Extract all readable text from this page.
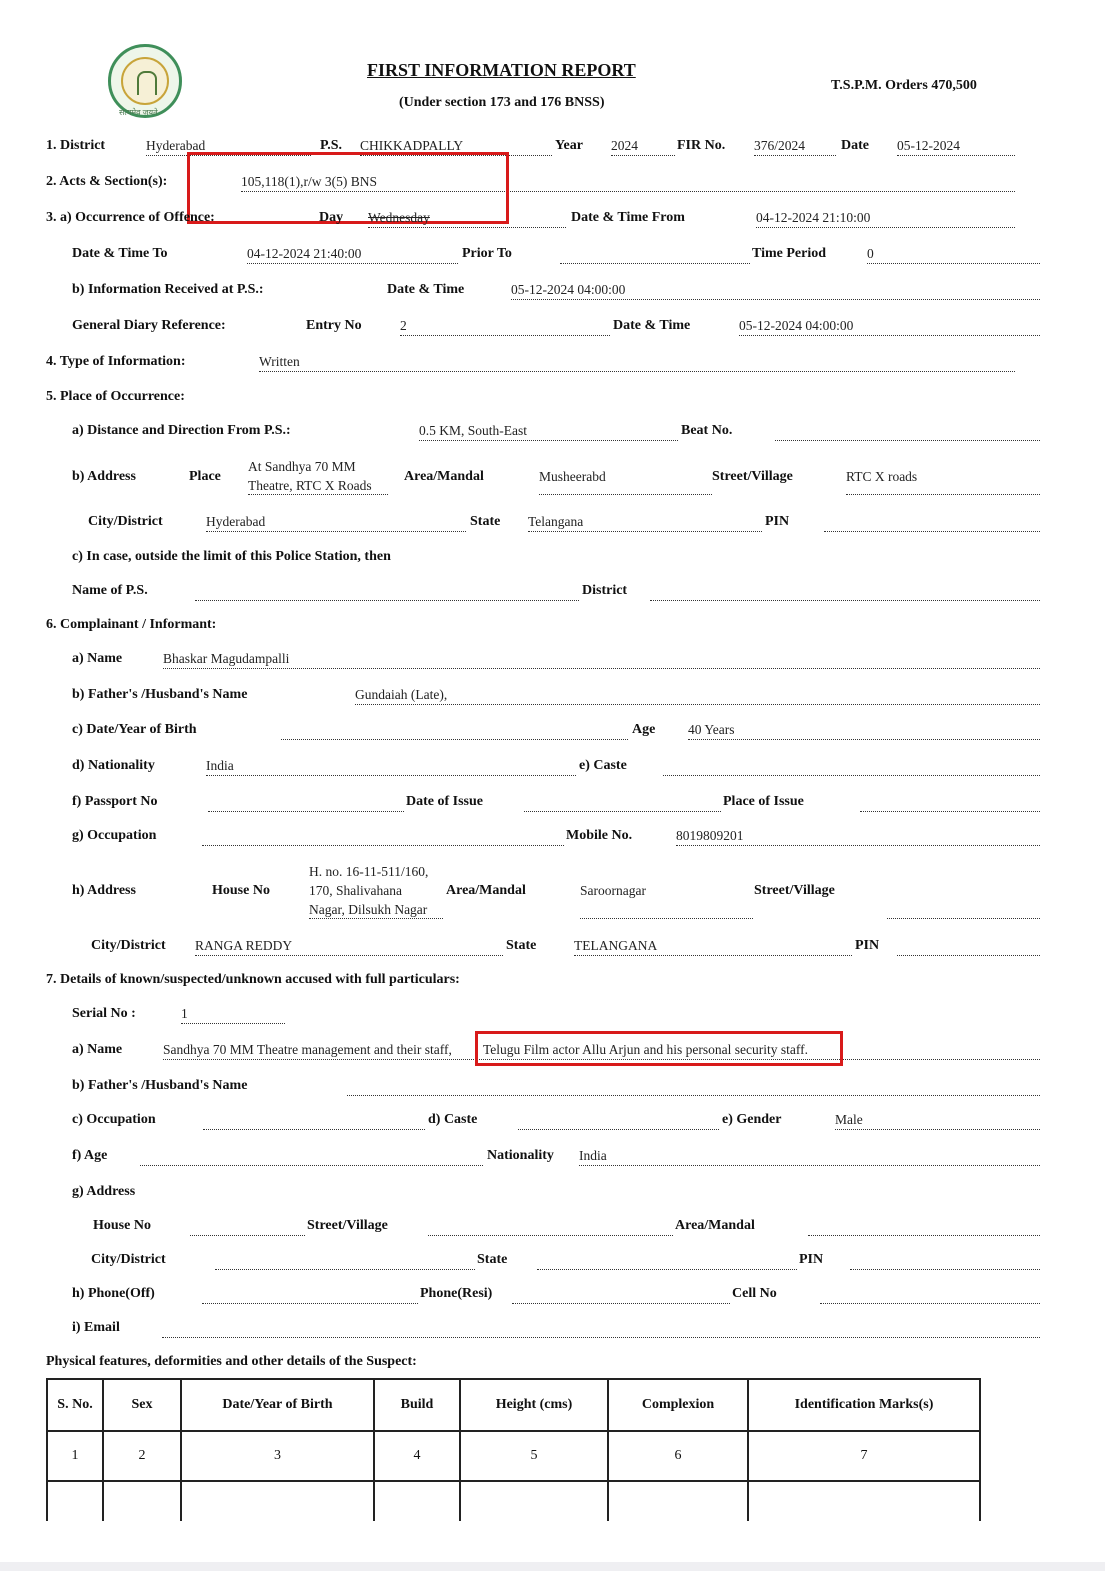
सत्यमेव जयते
FIRST INFORMATION REPORT
(Under section 173 and 176 BNSS)
T.S.P.M. Orders 470,500
1. District	Hyderabad	P.S. CHIKKADPALLY	Year 2024	FIR No. 376/2024	Date 05-12-2024
2. Acts & Section(s):	105,118(1),r/w 3(5) BNS
3. a) Occurrence of Offence:	Day Wednesday	Date & Time From	04-12-2024 21:10:00
Date & Time To	04-12-2024 21:40:00	Prior To	Time Period	0
b) Information Received at P.S.:	Date & Time	05-12-2024 04:00:00
General Diary Reference:	Entry No	2	Date & Time	05-12-2024 04:00:00
4. Type of Information:	Written
5. Place of Occurrence:
a) Distance and Direction From P.S.:	0.5 KM, South-East	Beat No.
b) Address	Place
At Sandhya 70 MM
Theatre, RTC X Roads
Area/Mandal	Musheerabd	Street/Village	RTC X roads
City/District	Hyderabad	State Telangana	PIN
c) In case, outside the limit of this Police Station, then
Name of P.S.	District
6. Complainant / Informant:
a) Name	Bhaskar Magudampalli
b) Father's /Husband's Name	Gundaiah (Late),
c) Date/Year of Birth	Age 40 Years
d) Nationality	India	e) Caste
f) Passport No	Date of Issue	Place of Issue
g) Occupation	Mobile No.	8019809201
h) Address	House No
H. no. 16-11-511/160,
170, Shalivahana
Nagar, Dilsukh Nagar
Area/Mandal	Saroornagar	Street/Village
City/District RANGA REDDY	State	TELANGANA	PIN
7. Details of known/suspected/unknown accused with full particulars:
Serial No :	1
a) Name	Sandhya 70 MM Theatre management and their staff, Telugu Film actor Allu Arjun and his personal security staff.
b) Father's /Husband's Name
c) Occupation	d) Caste	e) Gender	Male
f) Age	Nationality India
g) Address
House No	Street/Village	Area/Mandal
City/District	State	PIN
h) Phone(Off)	Phone(Resi)	Cell No
i) Email
Physical features, deformities and other details of the Suspect:
S. No.	Sex	Date/Year of Birth	Build	Height (cms)	Complexion	Identification Marks(s)
1	2	3	4	5	6	7
